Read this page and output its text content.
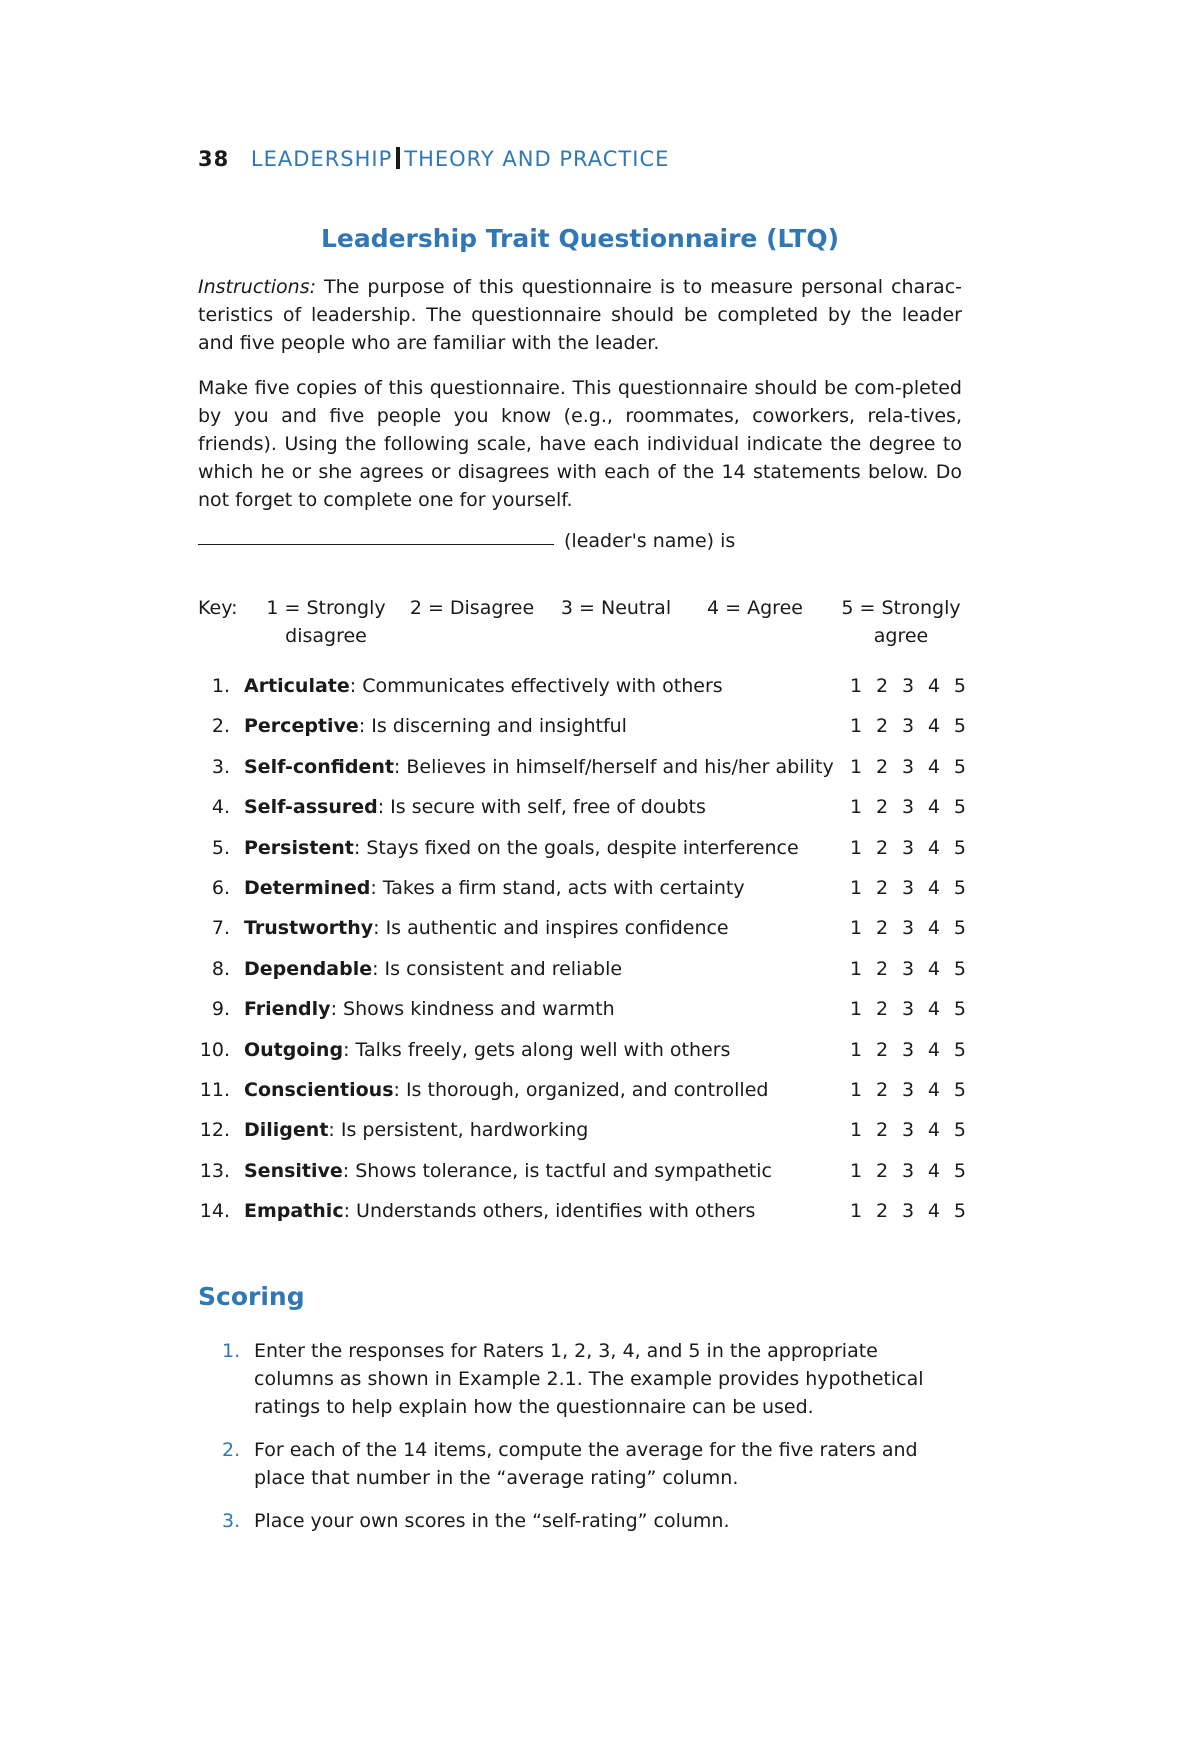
38 LEADERSHIP THEORY AND PRACTICE
Leadership Trait Questionnaire (LTQ)

Instructions: The purpose of this questionnaire is to measure personal charac-teristics of leadership. The questionnaire should be completed by the leader and five people who are familiar with the leader.

Make five copies of this questionnaire. This questionnaire should be com-pleted by you and five people you know (e.g., roommates, coworkers, rela-tives, friends). Using the following scale, have each individual indicate the degree to which he or she agrees or disagrees with each of the 14 statements below. Do not forget to complete one for yourself.

(leader's name) is
Key: 1 = Strongly
disagree
2 = Disagree 3 = Neutral	4 = Agree	5 = Strongly
agree
1. Articulate: Communicates effectively with others	1 2 3 4 5
2. Perceptive: Is discerning and insightful	1 2 3 4 5
3. Self-confident: Believes in himself/herself and his/her ability 1 2 3 4 5
4. Self-assured: Is secure with self, free of doubts	1 2 3 4 5
5. Persistent: Stays fixed on the goals, despite interference	1 2 3 4 5
6. Determined: Takes a firm stand, acts with certainty	1 2 3 4 5
7. Trustworthy: Is authentic and inspires confidence	1 2 3 4 5
8. Dependable: Is consistent and reliable	1 2 3 4 5
9. Friendly: Shows kindness and warmth	1 2 3 4 5
10. Outgoing: Talks freely, gets along well with others	1 2 3 4 5
11. Conscientious: Is thorough, organized, and controlled	1 2 3 4 5
12. Diligent: Is persistent, hardworking	1 2 3 4 5
13. Sensitive: Shows tolerance, is tactful and sympathetic	1 2 3 4 5
14. Empathic: Understands others, identifies with others	1 2 3 4 5
Scoring
1. Enter the responses for Raters 1, 2, 3, 4, and 5 in the appropriate columns as shown in Example 2.1. The example provides hypothetical ratings to help explain how the questionnaire can be used.
2. For each of the 14 items, compute the average for the five raters and place that number in the “average rating” column.
3. Place your own scores in the “self-rating” column.
